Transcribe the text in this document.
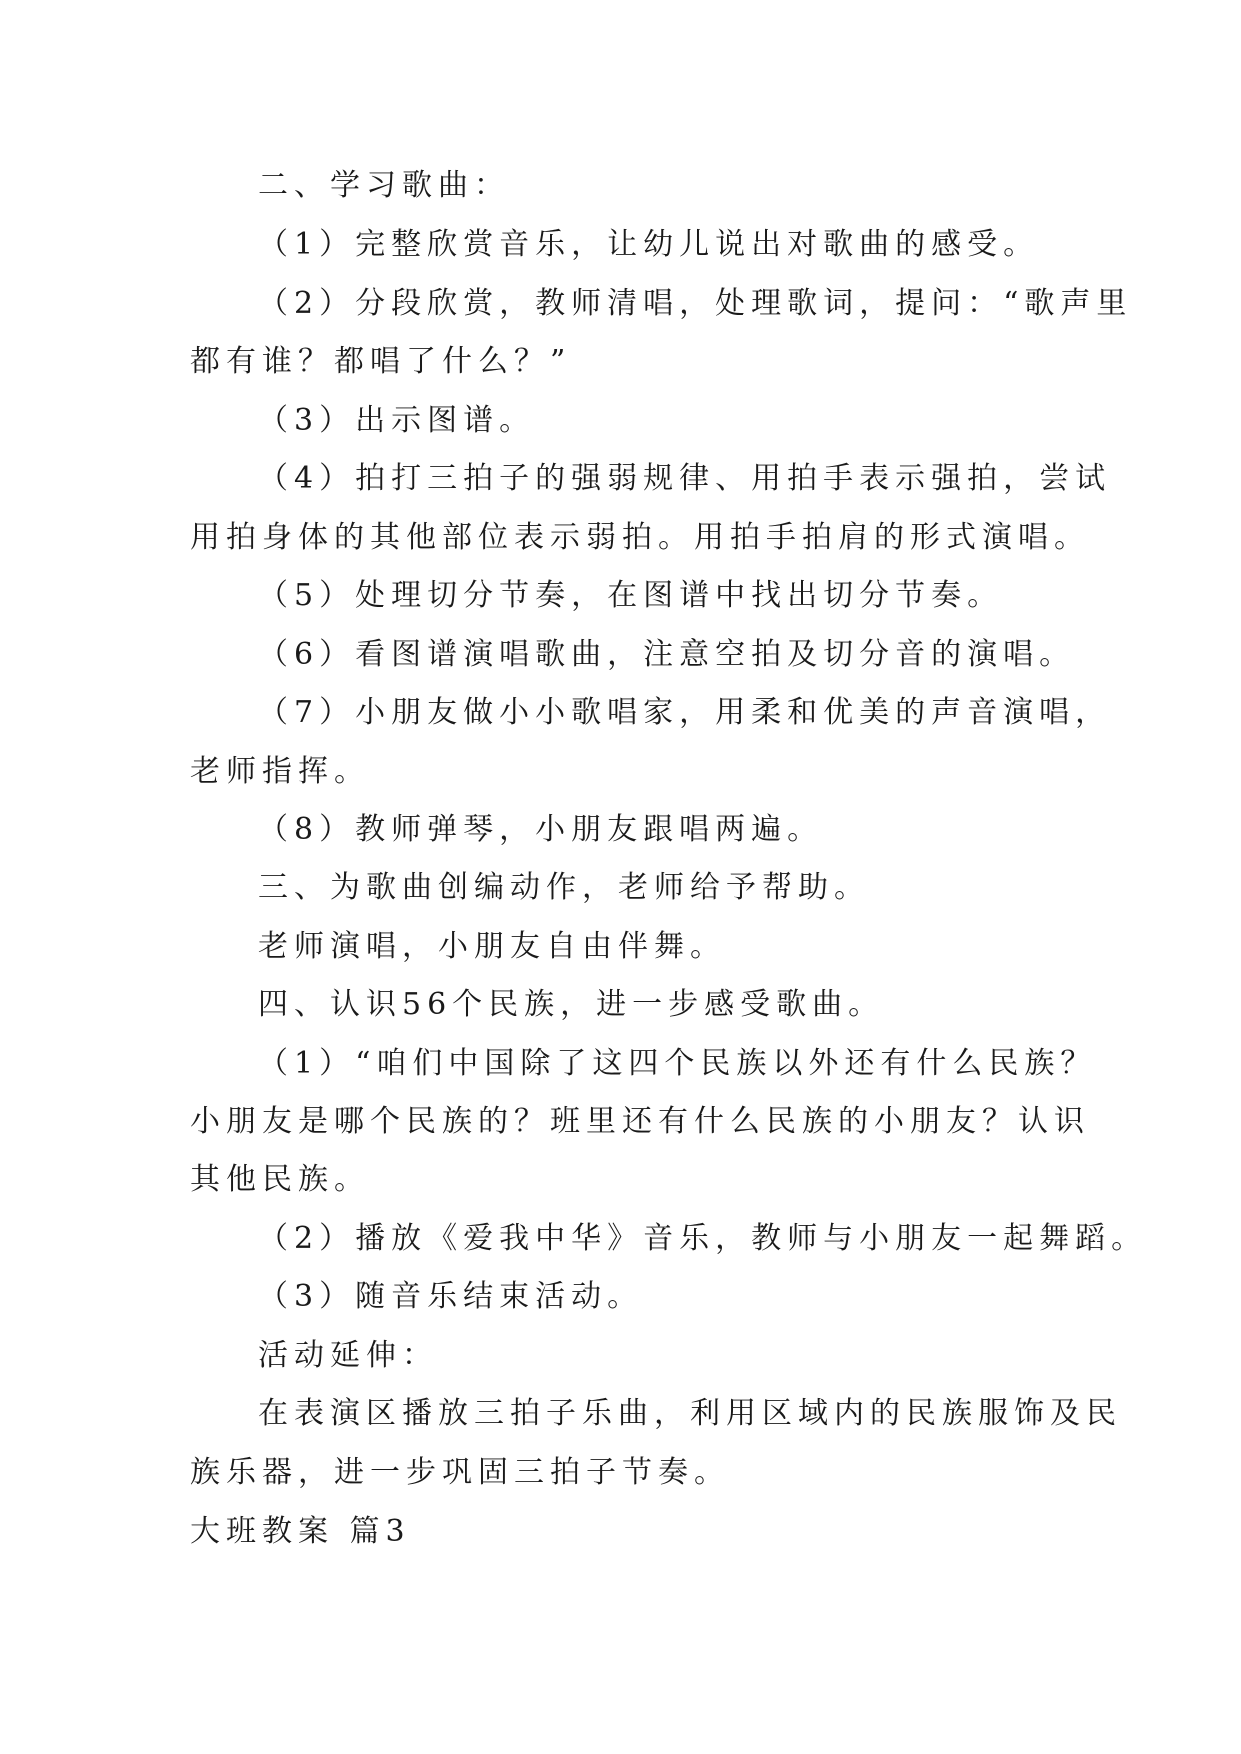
二、学习歌曲：
（1）完整欣赏音乐，让幼儿说出对歌曲的感受。
（2）分段欣赏，教师清唱，处理歌词，提问：“歌声里
都有谁？都唱了什么？”
（3）出示图谱。
（4）拍打三拍子的强弱规律、用拍手表示强拍，尝试
用拍身体的其他部位表示弱拍。用拍手拍肩的形式演唱。
（5）处理切分节奏，在图谱中找出切分节奏。
（6）看图谱演唱歌曲，注意空拍及切分音的演唱。
（7）小朋友做小小歌唱家，用柔和优美的声音演唱，
老师指挥。
（8）教师弹琴，小朋友跟唱两遍。
三、为歌曲创编动作，老师给予帮助。
老师演唱，小朋友自由伴舞。
四、认识56个民族，进一步感受歌曲。
（1）“咱们中国除了这四个民族以外还有什么民族？
小朋友是哪个民族的？班里还有什么民族的小朋友？认识
其他民族。
（2）播放《爱我中华》音乐，教师与小朋友一起舞蹈。
（3）随音乐结束活动。
活动延伸：
在表演区播放三拍子乐曲，利用区域内的民族服饰及民
族乐器，进一步巩固三拍子节奏。
大班教案 篇3
